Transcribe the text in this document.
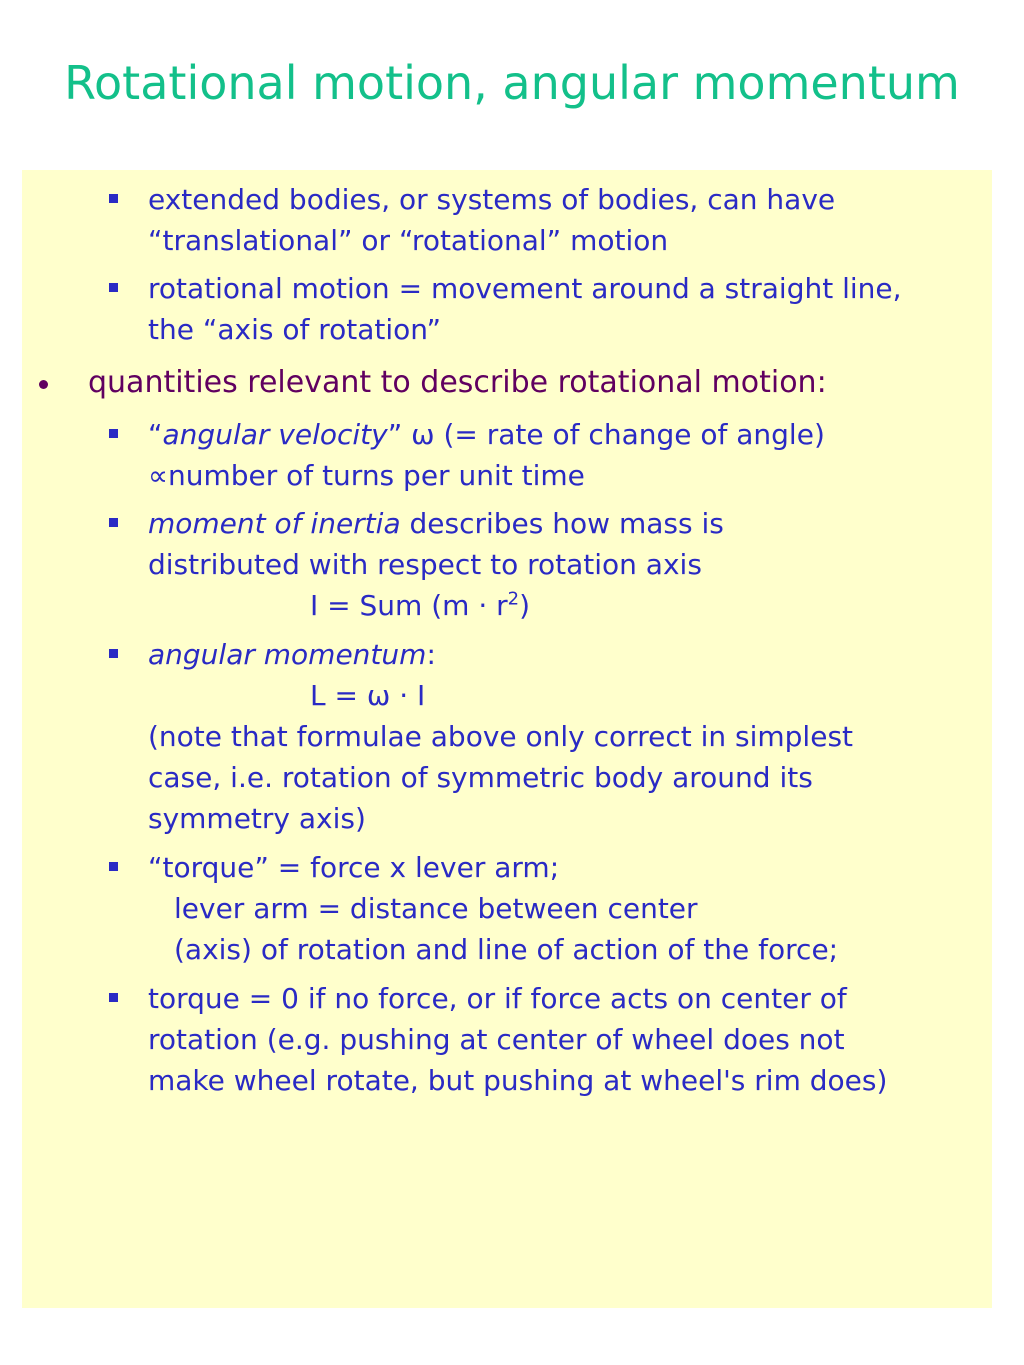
Rotational motion, angular momentum
extended bodies, or systems of bodies, can have
“translational” or “rotational” motion
rotational motion = movement around a straight line,
the “axis of rotation”
quantities relevant to describe rotational motion:
“angular velocity” ω (= rate of change of angle)
∝number of turns per unit time
moment of inertia describes how mass is
distributed with respect to rotation axis
I = Sum $(m \cdot r^2)$
angular momentum:
L = ω · I
(note that formulae above only correct in simplest
case, i.e. rotation of symmetric body around its
symmetry axis)
“torque” = force x lever arm;
lever arm = distance between center
(axis) of rotation and line of action of the force;
torque = 0 if no force, or if force acts on center of
rotation (e.g. pushing at center of wheel does not
make wheel rotate, but pushing at wheel's rim does)
